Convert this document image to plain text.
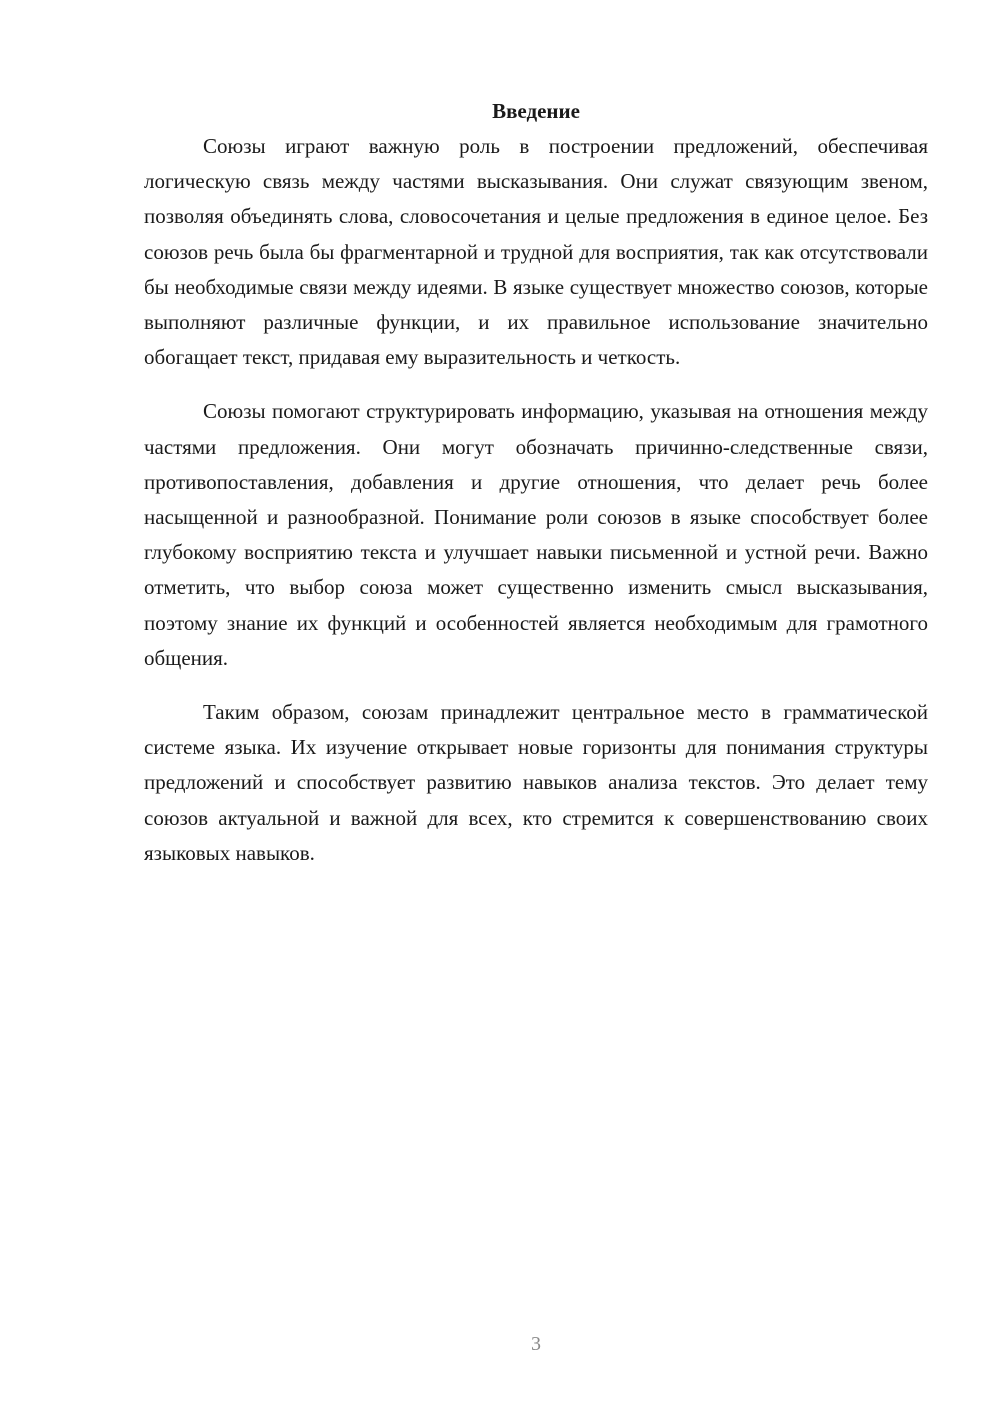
Введение

Союзы играют важную роль в построении предложений, обеспечивая логическую связь между частями высказывания. Они служат связующим звеном, позволяя объединять слова, словосочетания и целые предложения в единое целое. Без союзов речь была бы фрагментарной и трудной для восприятия, так как отсутствовали бы необходимые связи между идеями. В языке существует множество союзов, которые выполняют различные функции, и их правильное использование значительно обогащает текст, придавая ему выразительность и четкость.

Союзы помогают структурировать информацию, указывая на отношения между частями предложения. Они могут обозначать причинно-следственные связи, противопоставления, добавления и другие отношения, что делает речь более насыщенной и разнообразной. Понимание роли союзов в языке способствует более глубокому восприятию текста и улучшает навыки письменной и устной речи. Важно отметить, что выбор союза может существенно изменить смысл высказывания, поэтому знание их функций и особенностей является необходимым для грамотного общения.

Таким образом, союзам принадлежит центральное место в грамматической системе языка. Их изучение открывает новые горизонты для понимания структуры предложений и способствует развитию навыков анализа текстов. Это делает тему союзов актуальной и важной для всех, кто стремится к совершенствованию своих языковых навыков.

3
